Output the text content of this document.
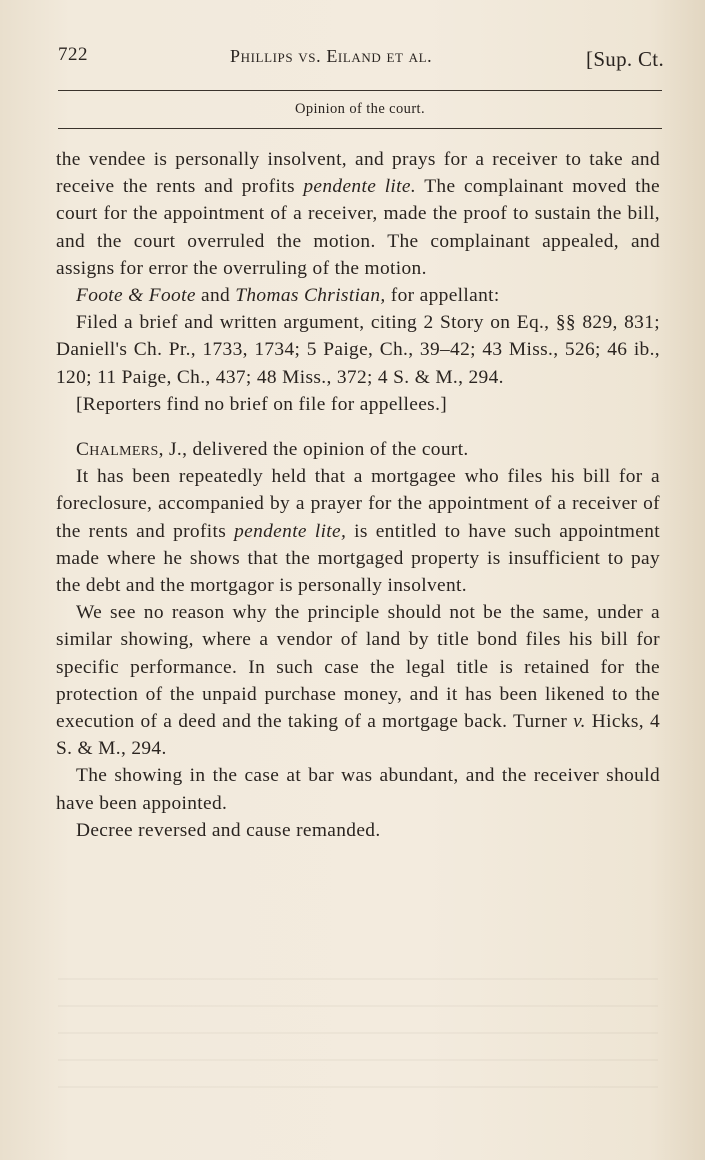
722	Phillips vs. Eiland et al.	[Sup. Ct.
Opinion of the court.

the vendee is personally insolvent, and prays for a receiver to take and receive the rents and profits pendente lite. The complainant moved the court for the appointment of a receiver, made the proof to sustain the bill, and the court overruled the motion. The complainant appealed, and assigns for error the overruling of the motion.

Foote & Foote and Thomas Christian, for appellant:

Filed a brief and written argument, citing 2 Story on Eq., §§ 829, 831; Daniell's Ch. Pr., 1733, 1734; 5 Paige, Ch., 39–42; 43 Miss., 526; 46 ib., 120; 11 Paige, Ch., 437; 48 Miss., 372; 4 S. & M., 294.

[Reporters find no brief on file for appellees.]

Chalmers, J., delivered the opinion of the court.

It has been repeatedly held that a mortgagee who files his bill for a foreclosure, accompanied by a prayer for the appointment of a receiver of the rents and profits pendente lite, is entitled to have such appointment made where he shows that the mortgaged property is insufficient to pay the debt and the mortgagor is personally insolvent.

We see no reason why the principle should not be the same, under a similar showing, where a vendor of land by title bond files his bill for specific performance. In such case the legal title is retained for the protection of the unpaid purchase money, and it has been likened to the execution of a deed and the taking of a mortgage back. Turner v. Hicks, 4 S. & M., 294.

The showing in the case at bar was abundant, and the receiver should have been appointed.

Decree reversed and cause remanded.
